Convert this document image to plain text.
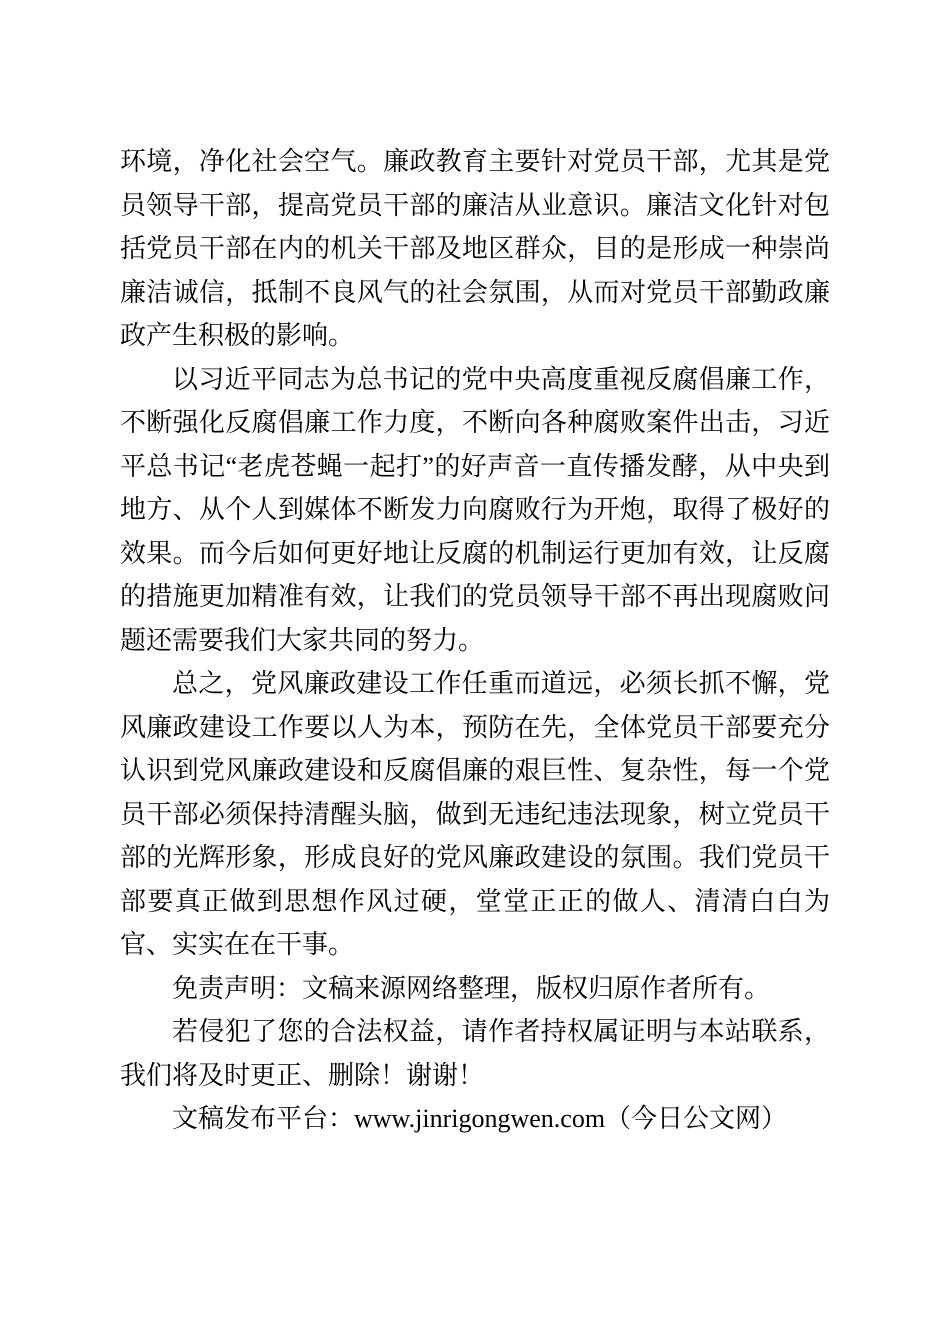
环境，净化社会空气。廉政教育主要针对党员干部，尤其是党员领导干部，提高党员干部的廉洁从业意识。廉洁文化针对包括党员干部在内的机关干部及地区群众，目的是形成一种崇尚廉洁诚信，抵制不良风气的社会氛围，从而对党员干部勤政廉政产生积极的影响。

以习近平同志为总书记的党中央高度重视反腐倡廉工作，不断强化反腐倡廉工作力度，不断向各种腐败案件出击，习近平总书记“老虎苍蝇一起打”的好声音一直传播发酵，从中央到地方、从个人到媒体不断发力向腐败行为开炮，取得了极好的效果。而今后如何更好地让反腐的机制运行更加有效，让反腐的措施更加精准有效，让我们的党员领导干部不再出现腐败问题还需要我们大家共同的努力。

总之，党风廉政建设工作任重而道远，必须长抓不懈，党风廉政建设工作要以人为本，预防在先，全体党员干部要充分认识到党风廉政建设和反腐倡廉的艰巨性、复杂性，每一个党员干部必须保持清醒头脑，做到无违纪违法现象，树立党员干部的光辉形象，形成良好的党风廉政建设的氛围。我们党员干部要真正做到思想作风过硬，堂堂正正的做人、清清白白为官、实实在在干事。

免责声明：文稿来源网络整理，版权归原作者所有。

若侵犯了您的合法权益，请作者持权属证明与本站联系，我们将及时更正、删除！谢谢！

文稿发布平台：www.jinrigongwen.com（今日公文网）
